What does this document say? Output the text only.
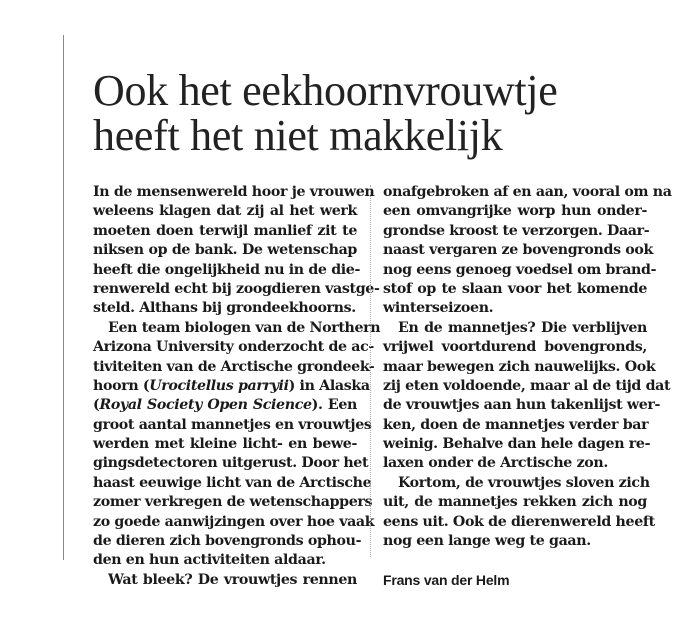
Ook het eekhoornvrouwtje
heeft het niet makkelijk
In de mensenwereld hoor je vrouwen
weleens klagen dat zij al het werk
moeten doen terwijl manlief zit te
niksen op de bank. De wetenschap
heeft die ongelijkheid nu in de die-
renwereld echt bij zoogdieren vastge-
steld. Althans bij grondeekhoorns.
Een team biologen van de Northern
Arizona University onderzocht de ac-
tiviteiten van de Arctische grondeek-
hoorn (Urocitellus parryii) in Alaska
(Royal Society Open Science). Een
groot aantal mannetjes en vrouwtjes
werden met kleine licht- en bewe-
gingsdetectoren uitgerust. Door het
haast eeuwige licht van de Arctische
zomer verkregen de wetenschappers
zo goede aanwijzingen over hoe vaak
de dieren zich bovengronds ophou-
den en hun activiteiten aldaar.
Wat bleek? De vrouwtjes rennen
onafgebroken af en aan, vooral om na
een omvangrijke worp hun onder-
grondse kroost te verzorgen. Daar-
naast vergaren ze bovengronds ook
nog eens genoeg voedsel om brand-
stof op te slaan voor het komende
winterseizoen.
En de mannetjes? Die verblijven
vrijwel voortdurend bovengronds,
maar bewegen zich nauwelijks. Ook
zij eten voldoende, maar al de tijd dat
de vrouwtjes aan hun takenlijst wer-
ken, doen de mannetjes verder bar
weinig. Behalve dan hele dagen re-
laxen onder de Arctische zon.
Kortom, de vrouwtjes sloven zich
uit, de mannetjes rekken zich nog
eens uit. Ook de dierenwereld heeft
nog een lange weg te gaan.
Frans van der Helm
